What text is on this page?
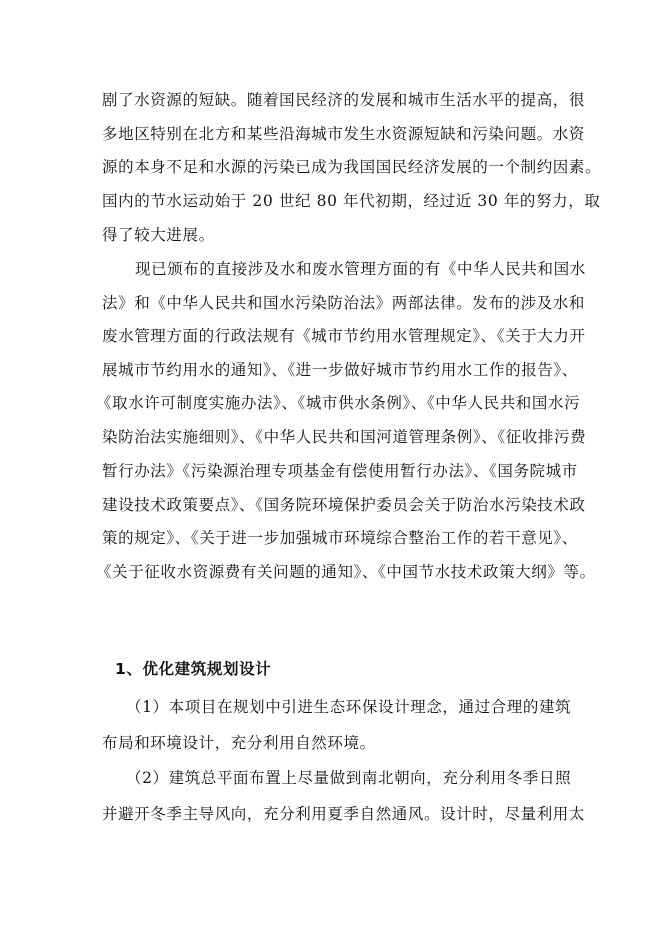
剧了水资源的短缺。随着国民经济的发展和城市生活水平的提高，很
多地区特别在北方和某些沿海城市发生水资源短缺和污染问题。水资
源的本身不足和水源的污染已成为我国国民经济发展的一个制约因素。
国内的节水运动始于 20 世纪 80 年代初期，经过近 30 年的努力，取
得了较大进展。
现已颁布的直接涉及水和废水管理方面的有《中华人民共和国水
法》和《中华人民共和国水污染防治法》两部法律。发布的涉及水和
废水管理方面的行政法规有《城市节约用水管理规定》、《关于大力开
展城市节约用水的通知》、《进一步做好城市节约用水工作的报告》、
《取水许可制度实施办法》、《城市供水条例》、《中华人民共和国水污
染防治法实施细则》、《中华人民共和国河道管理条例》、《征收排污费
暂行办法》《污染源治理专项基金有偿使用暂行办法》、《国务院城市
建设技术政策要点》、《国务院环境保护委员会关于防治水污染技术政
策的规定》、《关于进一步加强城市环境综合整治工作的若干意见》、
《关于征收水资源费有关问题的通知》、《中国节水技术政策大纲》等。
1、优化建筑规划设计
（1）本项目在规划中引进生态环保设计理念，通过合理的建筑
布局和环境设计，充分利用自然环境。
（2）建筑总平面布置上尽量做到南北朝向，充分利用冬季日照
并避开冬季主导风向，充分利用夏季自然通风。设计时，尽量利用太
